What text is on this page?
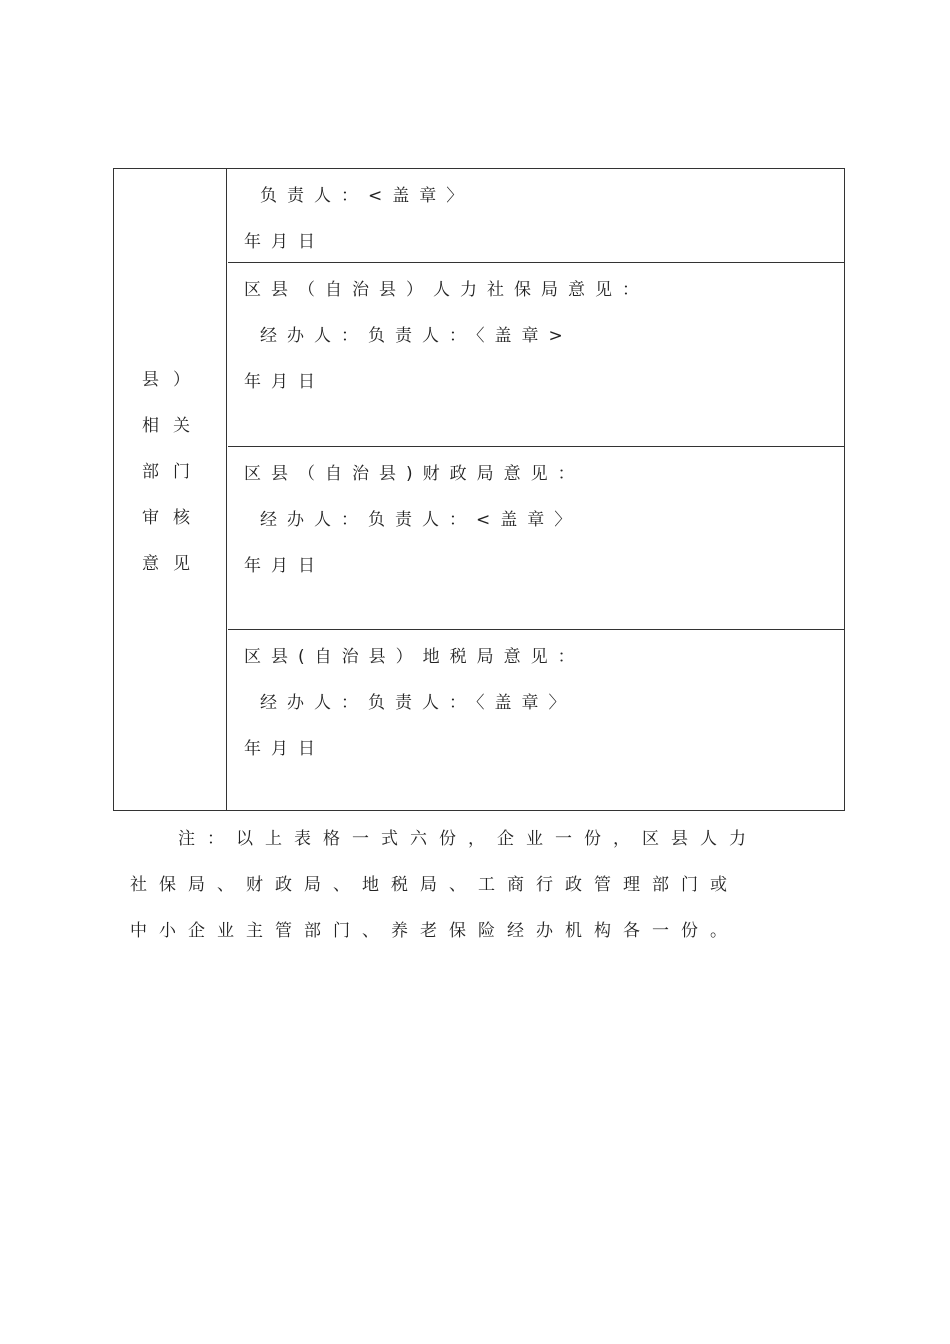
县）
相关
部门
审核
意见
负责人：<盖章〉
年月日
区县（自治县）人力社保局意见：
经办人：负责人：〈盖章>
年月日
区县（自治县)财政局意见：
经办人：负责人：<盖章〉
年月日
区县(自治县）地税局意见：
经办人：负责人：〈盖章〉
年月日
注：以上表格一式六份，企业一份，区县人力
社保局、财政局、地税局、工商行政管理部门或
中小企业主管部门、养老保险经办机构各一份。
